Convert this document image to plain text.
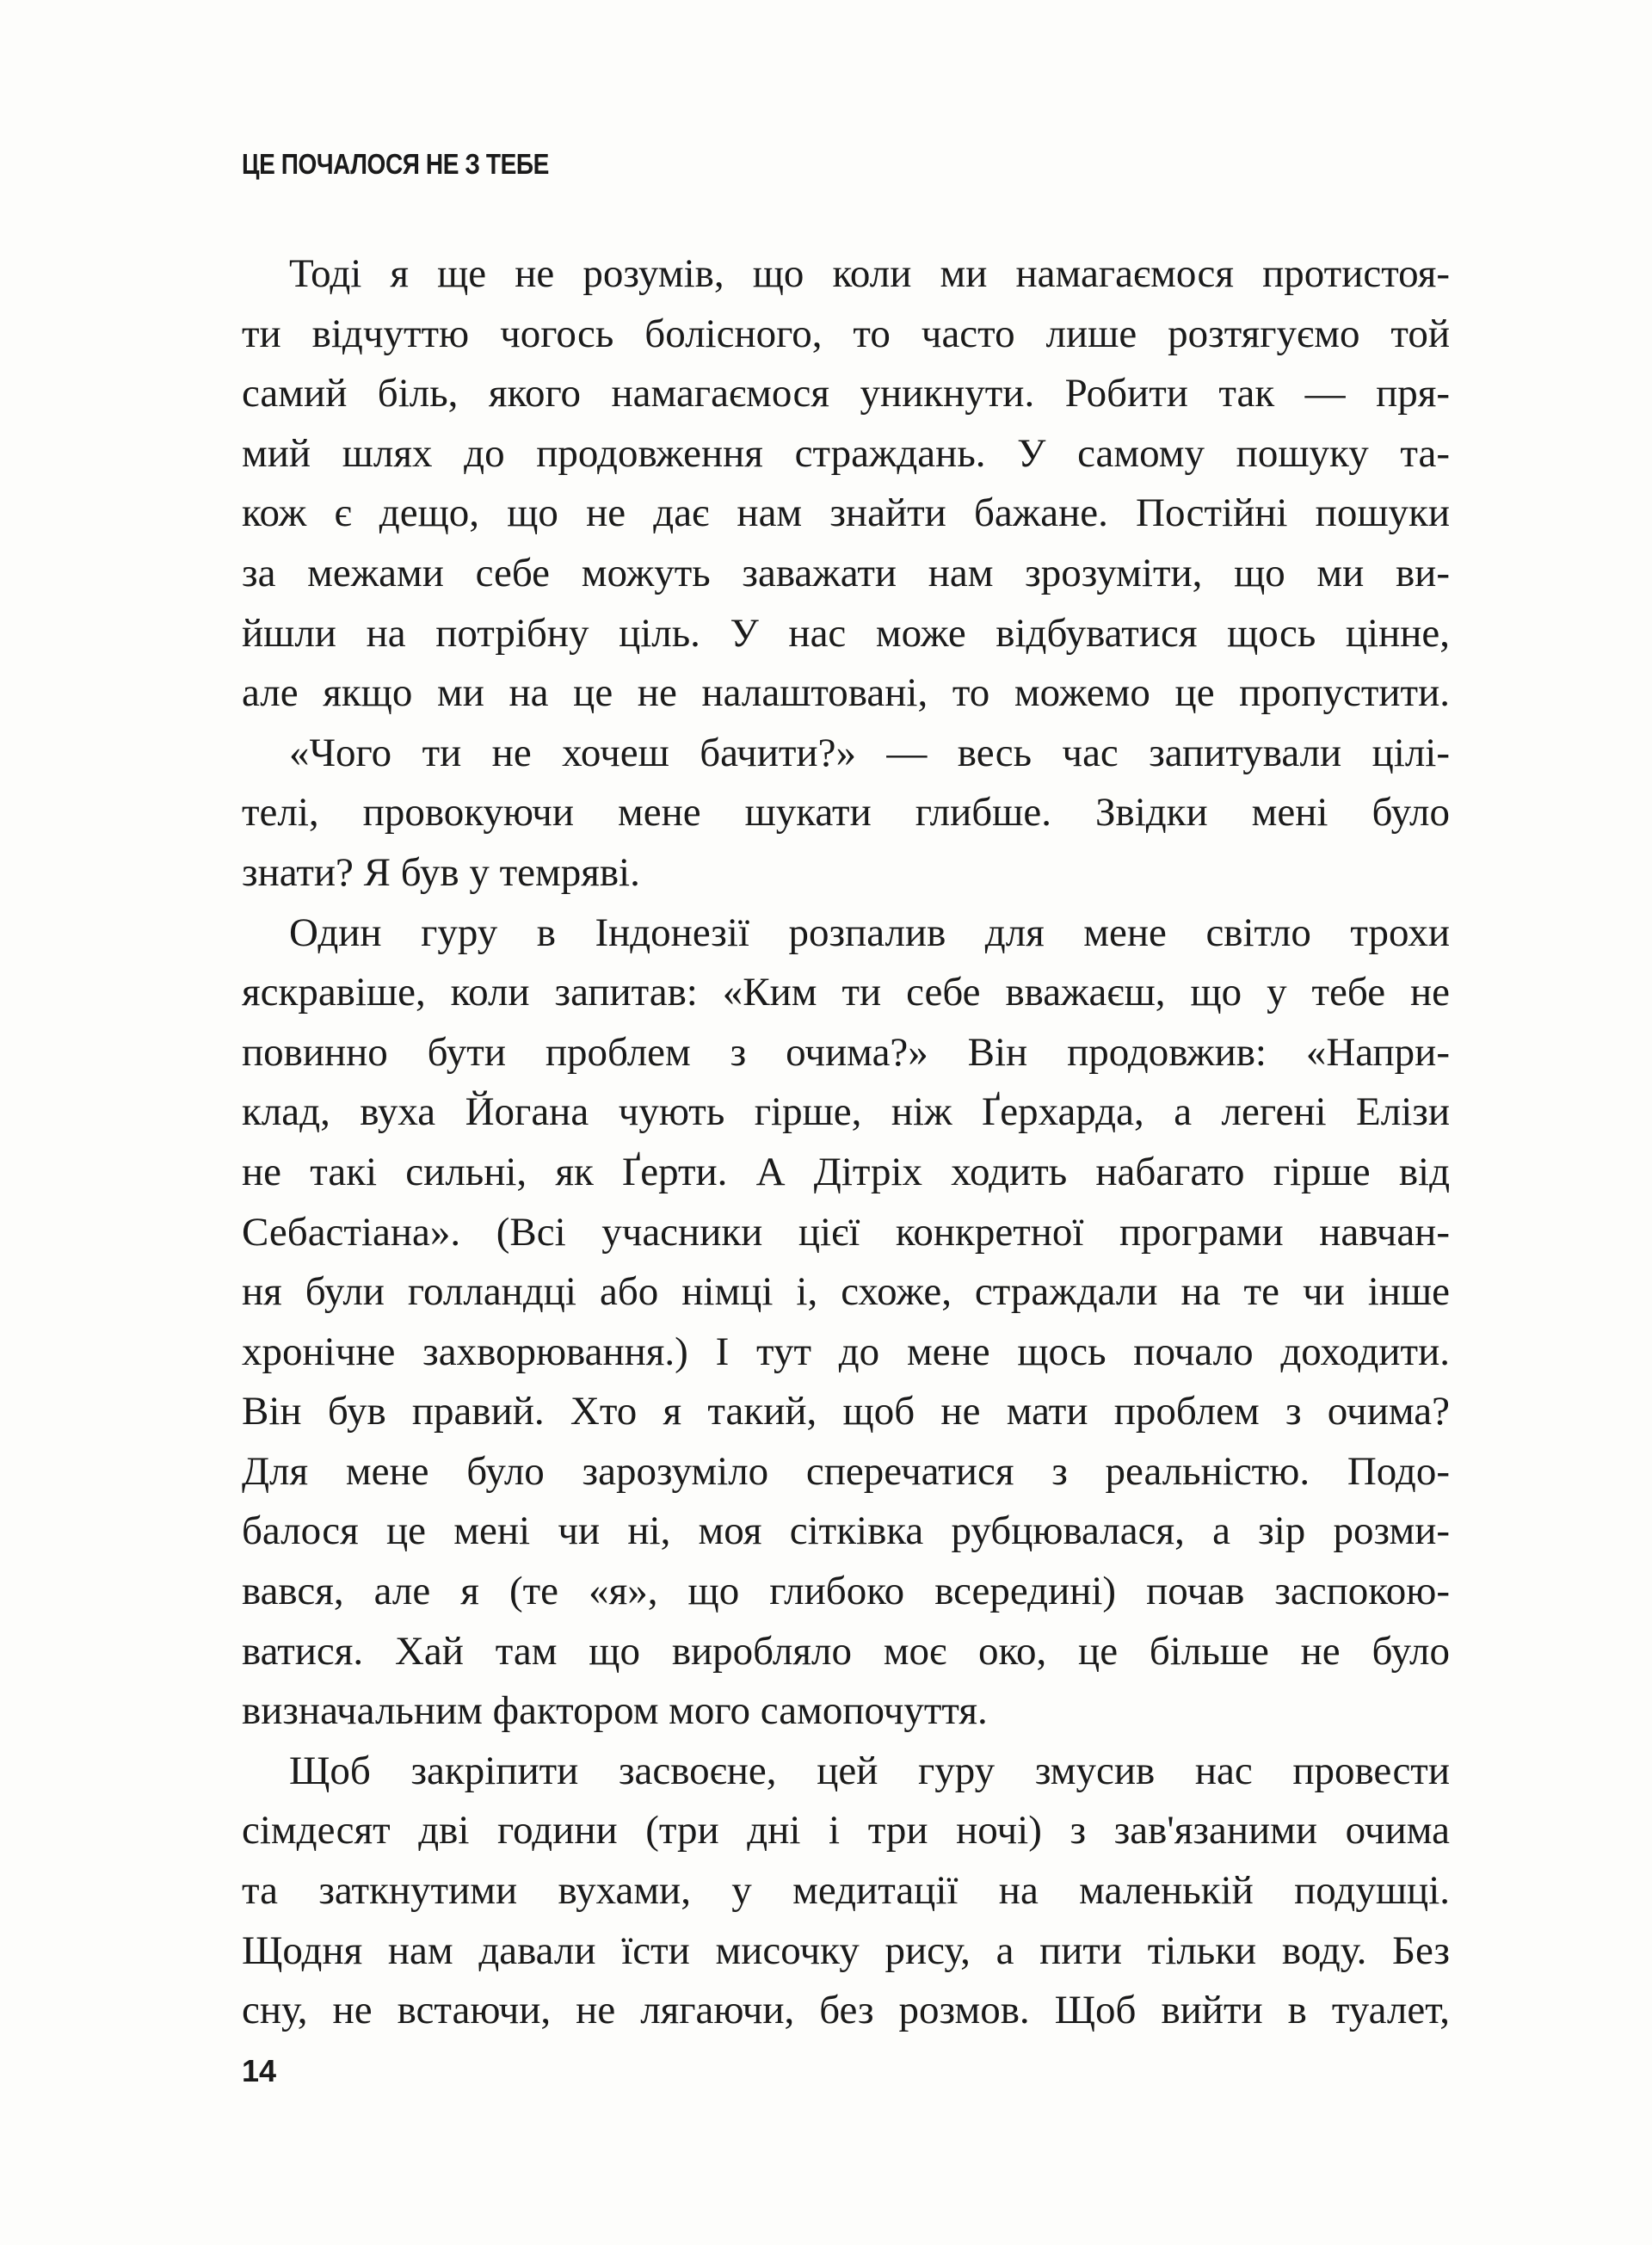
ЦЕ ПОЧАЛОСЯ НЕ З ТЕБЕ
Тоді я ще не розумів, що коли ми намагаємося протистоя-
ти відчуттю чогось болісного, то часто лише розтягуємо той
самий біль, якого намагаємося уникнути. Робити так — пря-
мий шлях до продовження страждань. У самому пошуку та-
кож є дещо, що не дає нам знайти бажане. Постійні пошуки
за межами себе можуть заважати нам зрозуміти, що ми ви-
йшли на потрібну ціль. У нас може відбуватися щось цінне,
але якщо ми на це не налаштовані, то можемо це пропустити.
«Чого ти не хочеш бачити?» — весь час запитували цілі-
телі, провокуючи мене шукати глибше. Звідки мені було
знати? Я був у темряві.
Один гуру в Індонезії розпалив для мене світло трохи
яскравіше, коли запитав: «Ким ти себе вважаєш, що у тебе не
повинно бути проблем з очима?» Він продовжив: «Напри-
клад, вуха Йогана чують гірше, ніж Ґерхарда, а легені Елізи
не такі сильні, як Ґерти. А Дітріх ходить набагато гірше від
Себастіана». (Всі учасники цієї конкретної програми навчан-
ня були голландці або німці і, схоже, страждали на те чи інше
хронічне захворювання.) І тут до мене щось почало доходити.
Він був правий. Хто я такий, щоб не мати проблем з очима?
Для мене було зарозуміло сперечатися з реальністю. Подо-
балося це мені чи ні, моя сітківка рубцювалася, а зір розми-
вався, але я (те «я», що глибоко всередині) почав заспокою-
ватися. Хай там що виробляло моє око, це більше не було
визначальним фактором мого самопочуття.
Щоб закріпити засвоєне, цей гуру змусив нас провести
сімдесят дві години (три дні і три ночі) з зав'язаними очима
та заткнутими вухами, у медитації на маленькій подушці.
Щодня нам давали їсти мисочку рису, а пити тільки воду. Без
сну, не встаючи, не лягаючи, без розмов. Щоб вийти в туалет,
14
